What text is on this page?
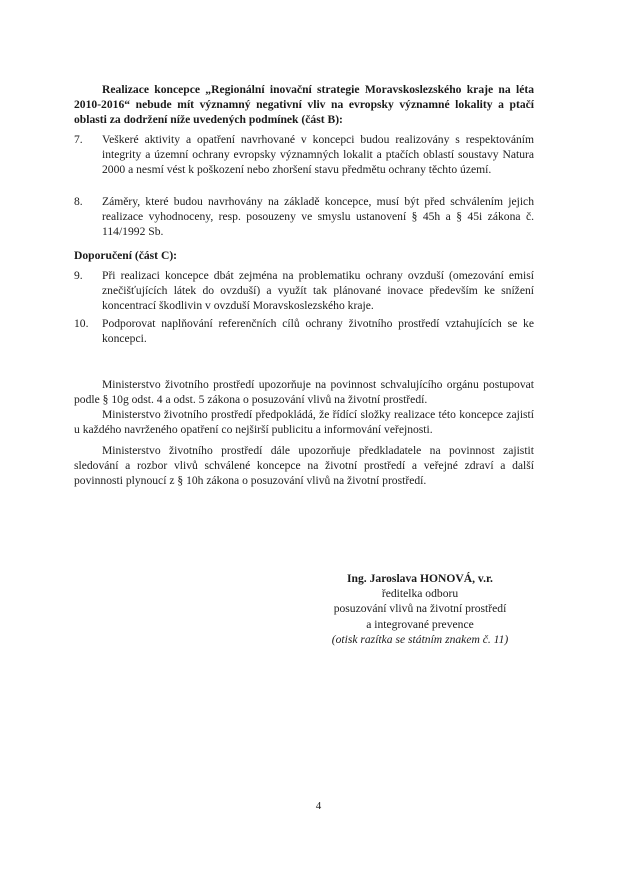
Realizace koncepce „Regionální inovační strategie Moravskoslezského kraje na léta 2010-2016“ nebude mít významný negativní vliv na evropsky významné lokality a ptačí oblasti za dodržení níže uvedených podmínek (část B):
7.	Veškeré aktivity a opatření navrhované v koncepci budou realizovány s respektováním integrity a územní ochrany evropsky významných lokalit a ptačích oblastí soustavy Natura 2000 a nesmí vést k poškození nebo zhoršení stavu předmětu ochrany těchto území.
8.	Záměry, které budou navrhovány na základě koncepce, musí být před schválením jejich realizace vyhodnoceny, resp. posouzeny ve smyslu ustanovení § 45h a § 45i zákona č. 114/1992 Sb.
Doporučení (část C):
9.	Při realizaci koncepce dbát zejména na problematiku ochrany ovzduší (omezování emisí znečišťujících látek do ovzduší) a využít tak plánované inovace především ke snížení koncentrací škodlivin v ovzduší Moravskoslezského kraje.
10.	Podporovat naplňování referenčních cílů ochrany životního prostředí vztahujících se ke koncepci.
Ministerstvo životního prostředí upozorňuje na povinnost schvalujícího orgánu postupovat podle § 10g odst. 4 a odst. 5 zákona o posuzování vlivů na životní prostředí.
Ministerstvo životního prostředí předpokládá, že řídící složky realizace této koncepce zajistí u každého navrženého opatření co nejširší publicitu a informování veřejnosti.
Ministerstvo životního prostředí dále upozorňuje předkladatele na povinnost zajistit sledování a rozbor vlivů schválené koncepce na životní prostředí a veřejné zdraví a další povinnosti plynoucí z § 10h zákona o posuzování vlivů na životní prostředí.
Ing. Jaroslava HONOVÁ, v.r.
ředitelka odboru
posuzování vlivů na životní prostředí
a integrované prevence
(otisk razítka se státním znakem č. 11)
4
